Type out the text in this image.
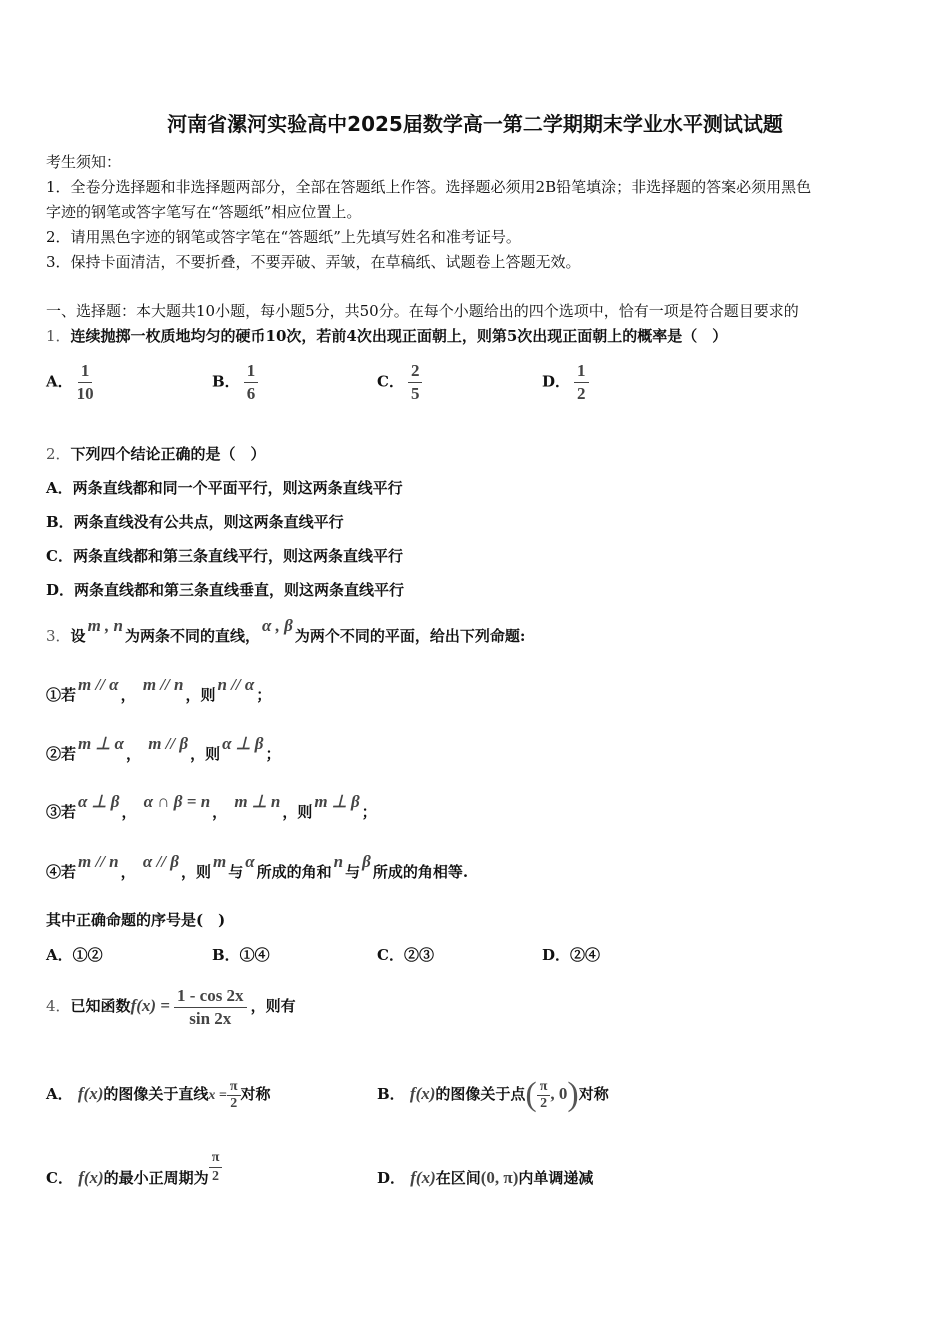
河南省漯河实验高中2025届数学高一第二学期期末学业水平测试试题
考生须知：
1．全卷分选择题和非选择题两部分，全部在答题纸上作答。选择题必须用2B铅笔填涂；非选择题的答案必须用黑色
字迹的钢笔或答字笔写在“答题纸”相应位置上。
2．请用黑色字迹的钢笔或答字笔在“答题纸”上先填写姓名和准考证号。
3．保持卡面清洁，不要折叠，不要弄破、弄皱，在草稿纸、试题卷上答题无效。
一、选择题：本大题共10小题，每小题5分，共50分。在每个小题给出的四个选项中，恰有一项是符合题目要求的
1．连续抛掷一枚质地均匀的硬币10次，若前4次出现正面朝上，则第5次出现正面朝上的概率是（　）
A． $\frac{1}{10}$	B． $\frac{1}{6}$	C． $\frac{2}{5}$	D． $\frac{1}{2}$
2．下列四个结论正确的是（　）
A．两条直线都和同一个平面平行，则这两条直线平行
B．两条直线没有公共点，则这两条直线平行
C．两条直线都和第三条直线平行，则这两条直线平行
D．两条直线都和第三条直线垂直，则这两条直线平行
3．设m , n为两条不同的直线，α , β为两个不同的平面，给出下列命题:
①若m // α， m // n，则n // α；
②若m ⊥ α， m // β，则α ⊥ β；
③若α ⊥ β， α ∩ β = n， m ⊥ n，则m ⊥ β；
④若m // n， α // β，则m与α所成的角和n与β所成的角相等.
其中正确命题的序号是(　)
A．①②	B．①④	C．②③	D．②④
4．已知函数$f(x) = \frac{1 - \cos 2x}{\sin 2x}$ ，则有
A． f(x)的图像关于直线$x = \frac{\pi}{2}$ 对称	B． f(x)的图像关于点( $\frac{\pi}{2}$ , 0)对称
C． f(x)的最小正周期为 $\frac{\pi}{2}$	D． f(x)在区间(0, π)内单调递减
